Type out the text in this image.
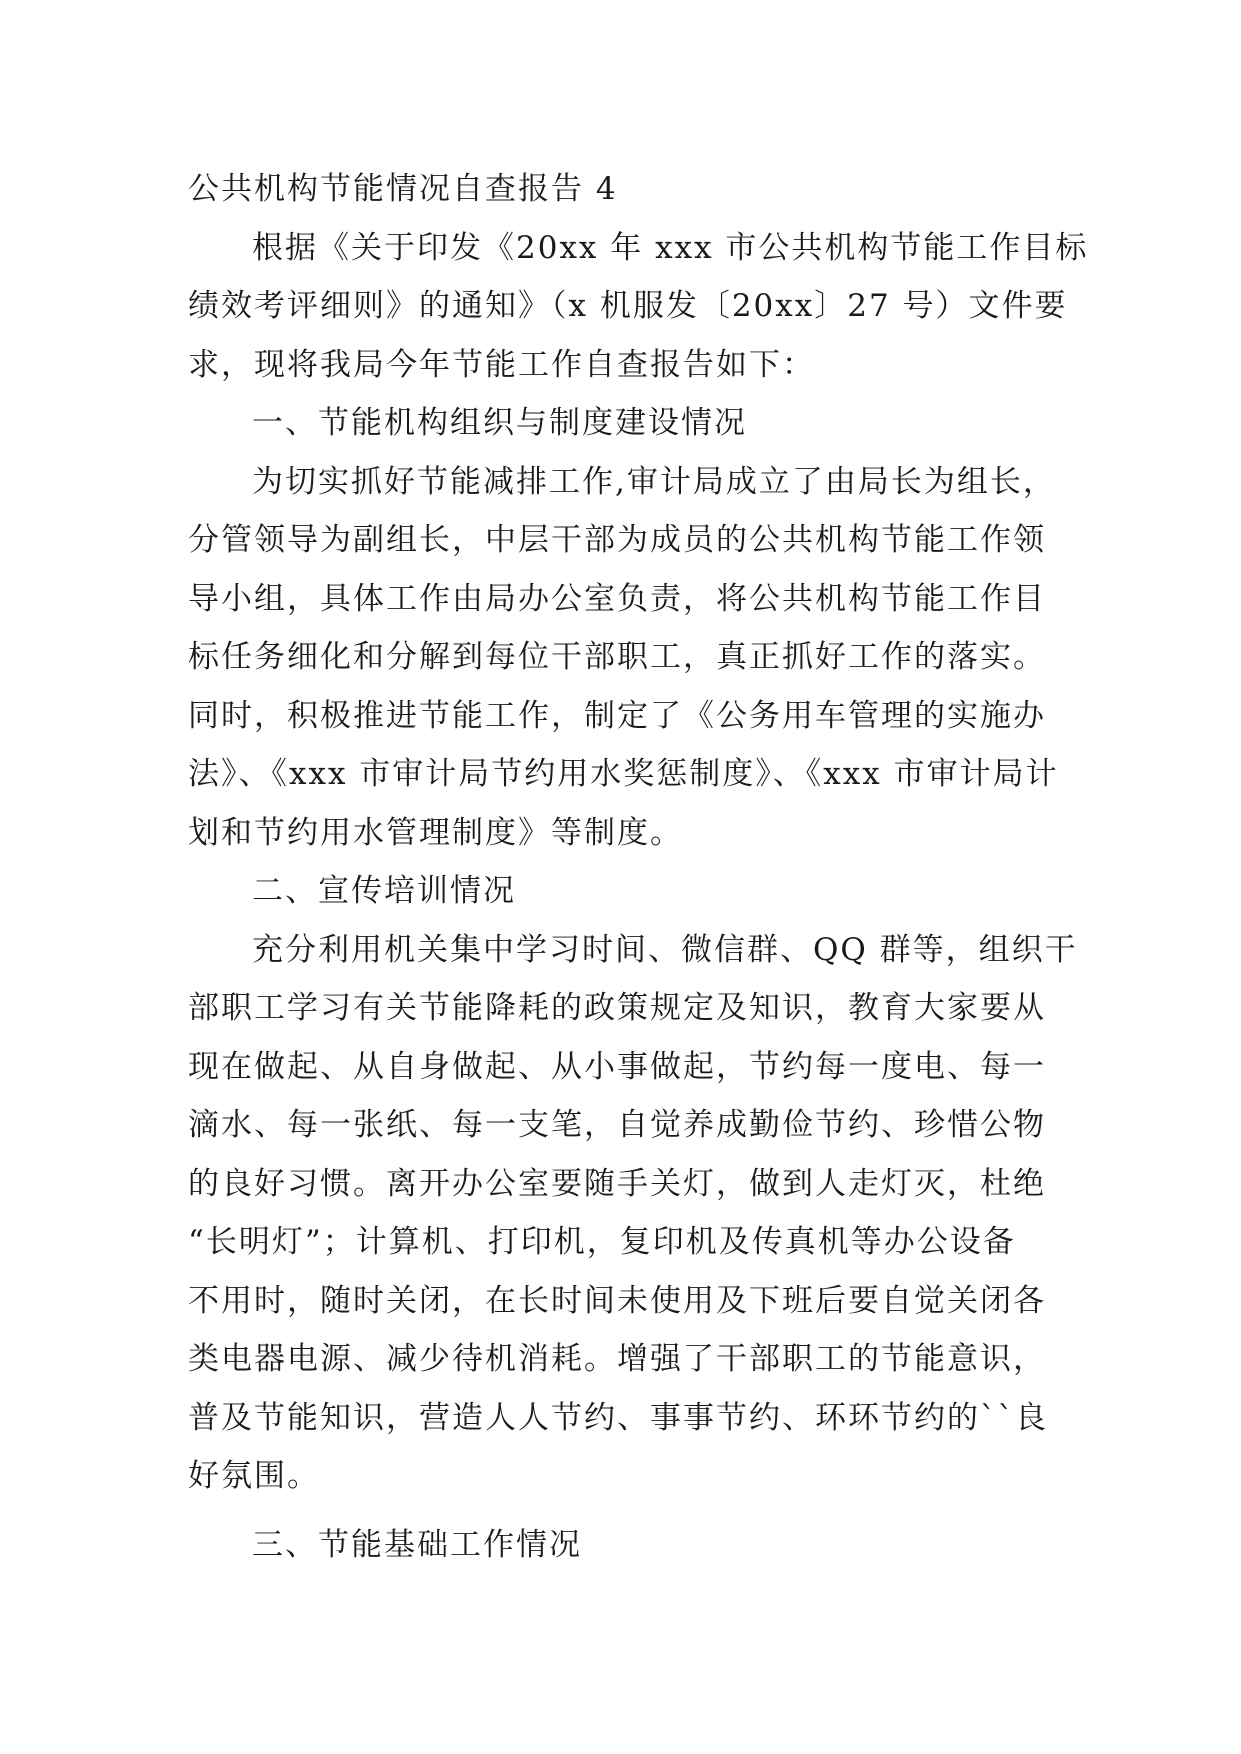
公共机构节能情况自查报告 4
根据《关于印发《20xx 年 xxx 市公共机构节能工作目标
绩效考评细则》的通知》（x 机服发〔20xx〕27 号）文件要
求，现将我局今年节能工作自查报告如下：
一、节能机构组织与制度建设情况
为切实抓好节能减排工作,审计局成立了由局长为组长，
分管领导为副组长，中层干部为成员的公共机构节能工作领
导小组，具体工作由局办公室负责，将公共机构节能工作目
标任务细化和分解到每位干部职工，真正抓好工作的落实。
同时，积极推进节能工作，制定了《公务用车管理的实施办
法》、《xxx 市审计局节约用水奖惩制度》、《xxx 市审计局计
划和节约用水管理制度》等制度。
二、宣传培训情况
充分利用机关集中学习时间、微信群、QQ 群等，组织干
部职工学习有关节能降耗的政策规定及知识，教育大家要从
现在做起、从自身做起、从小事做起，节约每一度电、每一
滴水、每一张纸、每一支笔，自觉养成勤俭节约、珍惜公物
的良好习惯。离开办公室要随手关灯，做到人走灯灭，杜绝
“长明灯”；计算机、打印机，复印机及传真机等办公设备
不用时，随时关闭，在长时间未使用及下班后要自觉关闭各
类电器电源、减少待机消耗。增强了干部职工的节能意识，
普及节能知识，营造人人节约、事事节约、环环节约的``良
好氛围。
三、节能基础工作情况
